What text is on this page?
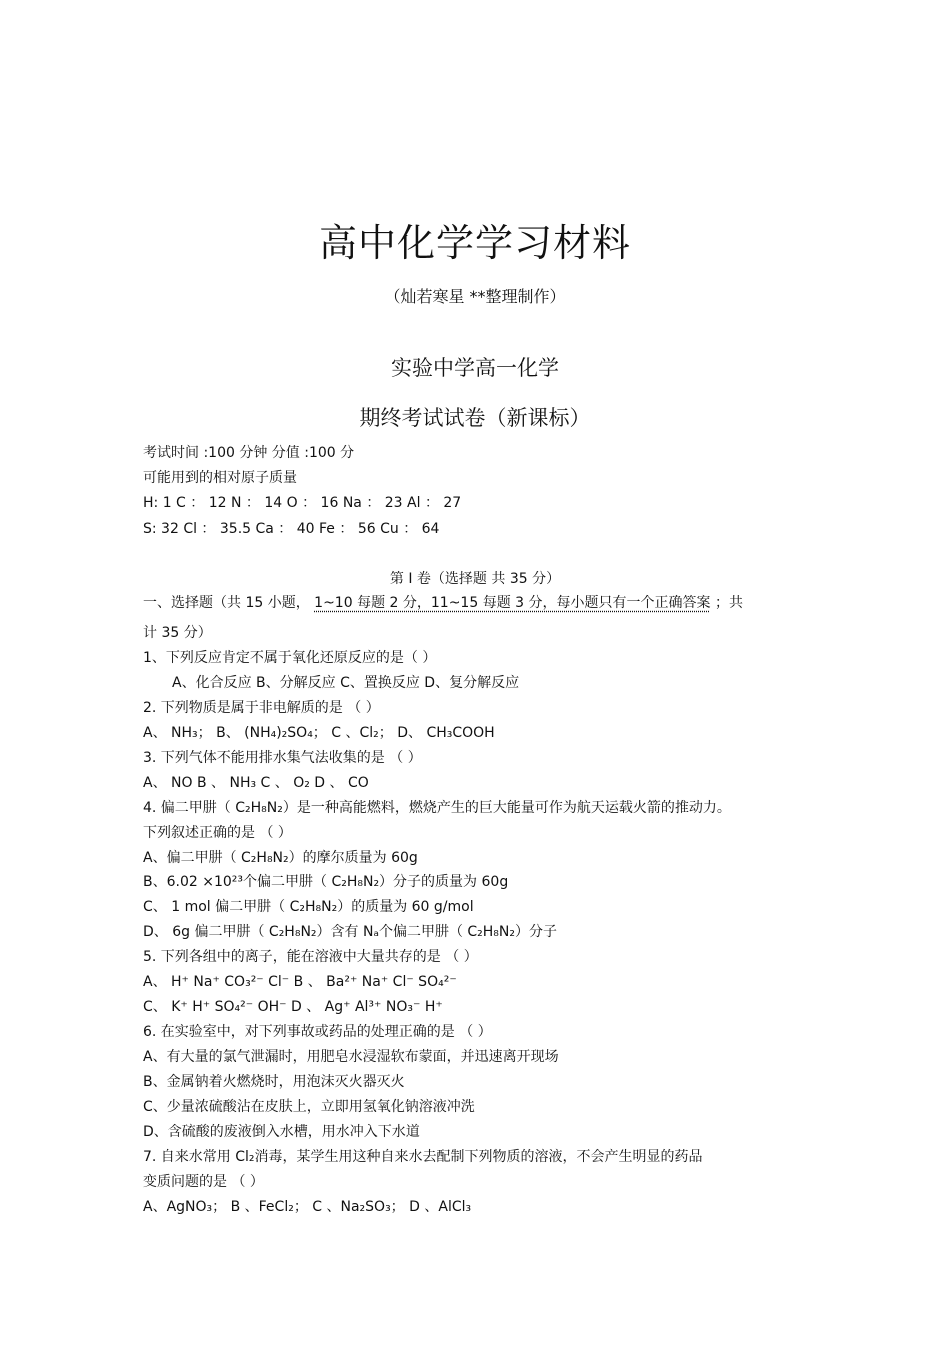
高中化学学习材料
（灿若寒星 **整理制作）
实验中学高一化学
期终考试试卷（新课标）
考试时间 :100 分钟 分值 :100 分
可能用到的相对原子质量
H: 1 C ： 12 N ： 14 O ： 16 Na ： 23 Al ： 27
S: 32 Cl ： 35.5 Ca ： 40 Fe ： 56 Cu ： 64
第 Ⅰ 卷（选择题 共 35 分）
一、选择题（共 15 小题， 1~10 每题 2 分，11~15 每题 3 分，每小题只有一个正确答案 ；共
计 35 分）
1、下列反应肯定不属于氧化还原反应的是（ ）
A、化合反应 B、分解反应 C、置换反应 D、复分解反应
2. 下列物质是属于非电解质的是 （ ）
A、 NH₃； B、 (NH₄)₂SO₄； C 、Cl₂； D、 CH₃COOH
3. 下列气体不能用排水集气法收集的是 （ ）
A、 NO B 、 NH₃ C 、 O₂ D 、 CO
4. 偏二甲肼（ C₂H₈N₂）是一种高能燃料，燃烧产生的巨大能量可作为航天运载火箭的推动力。
下列叙述正确的是 （ ）
A、偏二甲肼（ C₂H₈N₂）的摩尔质量为 60g
B、6.02 ×10²³个偏二甲肼（ C₂H₈N₂）分子的质量为 60g
C、 1 mol 偏二甲肼（ C₂H₈N₂）的质量为 60 g/mol
D、 6g 偏二甲肼（ C₂H₈N₂）含有 Nₐ个偏二甲肼（ C₂H₈N₂）分子
5. 下列各组中的离子，能在溶液中大量共存的是 （ ）
A、 H⁺ Na⁺ CO₃²⁻ Cl⁻ B 、 Ba²⁺ Na⁺ Cl⁻ SO₄²⁻
C、 K⁺ H⁺ SO₄²⁻ OH⁻ D 、 Ag⁺ Al³⁺ NO₃⁻ H⁺
6. 在实验室中，对下列事故或药品的处理正确的是 （ ）
A、有大量的氯气泄漏时，用肥皂水浸湿软布蒙面，并迅速离开现场
B、金属钠着火燃烧时，用泡沫灭火器灭火
C、少量浓硫酸沾在皮肤上，立即用氢氧化钠溶液冲洗
D、含硫酸的废液倒入水槽，用水冲入下水道
7. 自来水常用 Cl₂消毒，某学生用这种自来水去配制下列物质的溶液，不会产生明显的药品
变质问题的是 （ ）
A、AgNO₃； B 、FeCl₂； C 、Na₂SO₃； D 、AlCl₃
